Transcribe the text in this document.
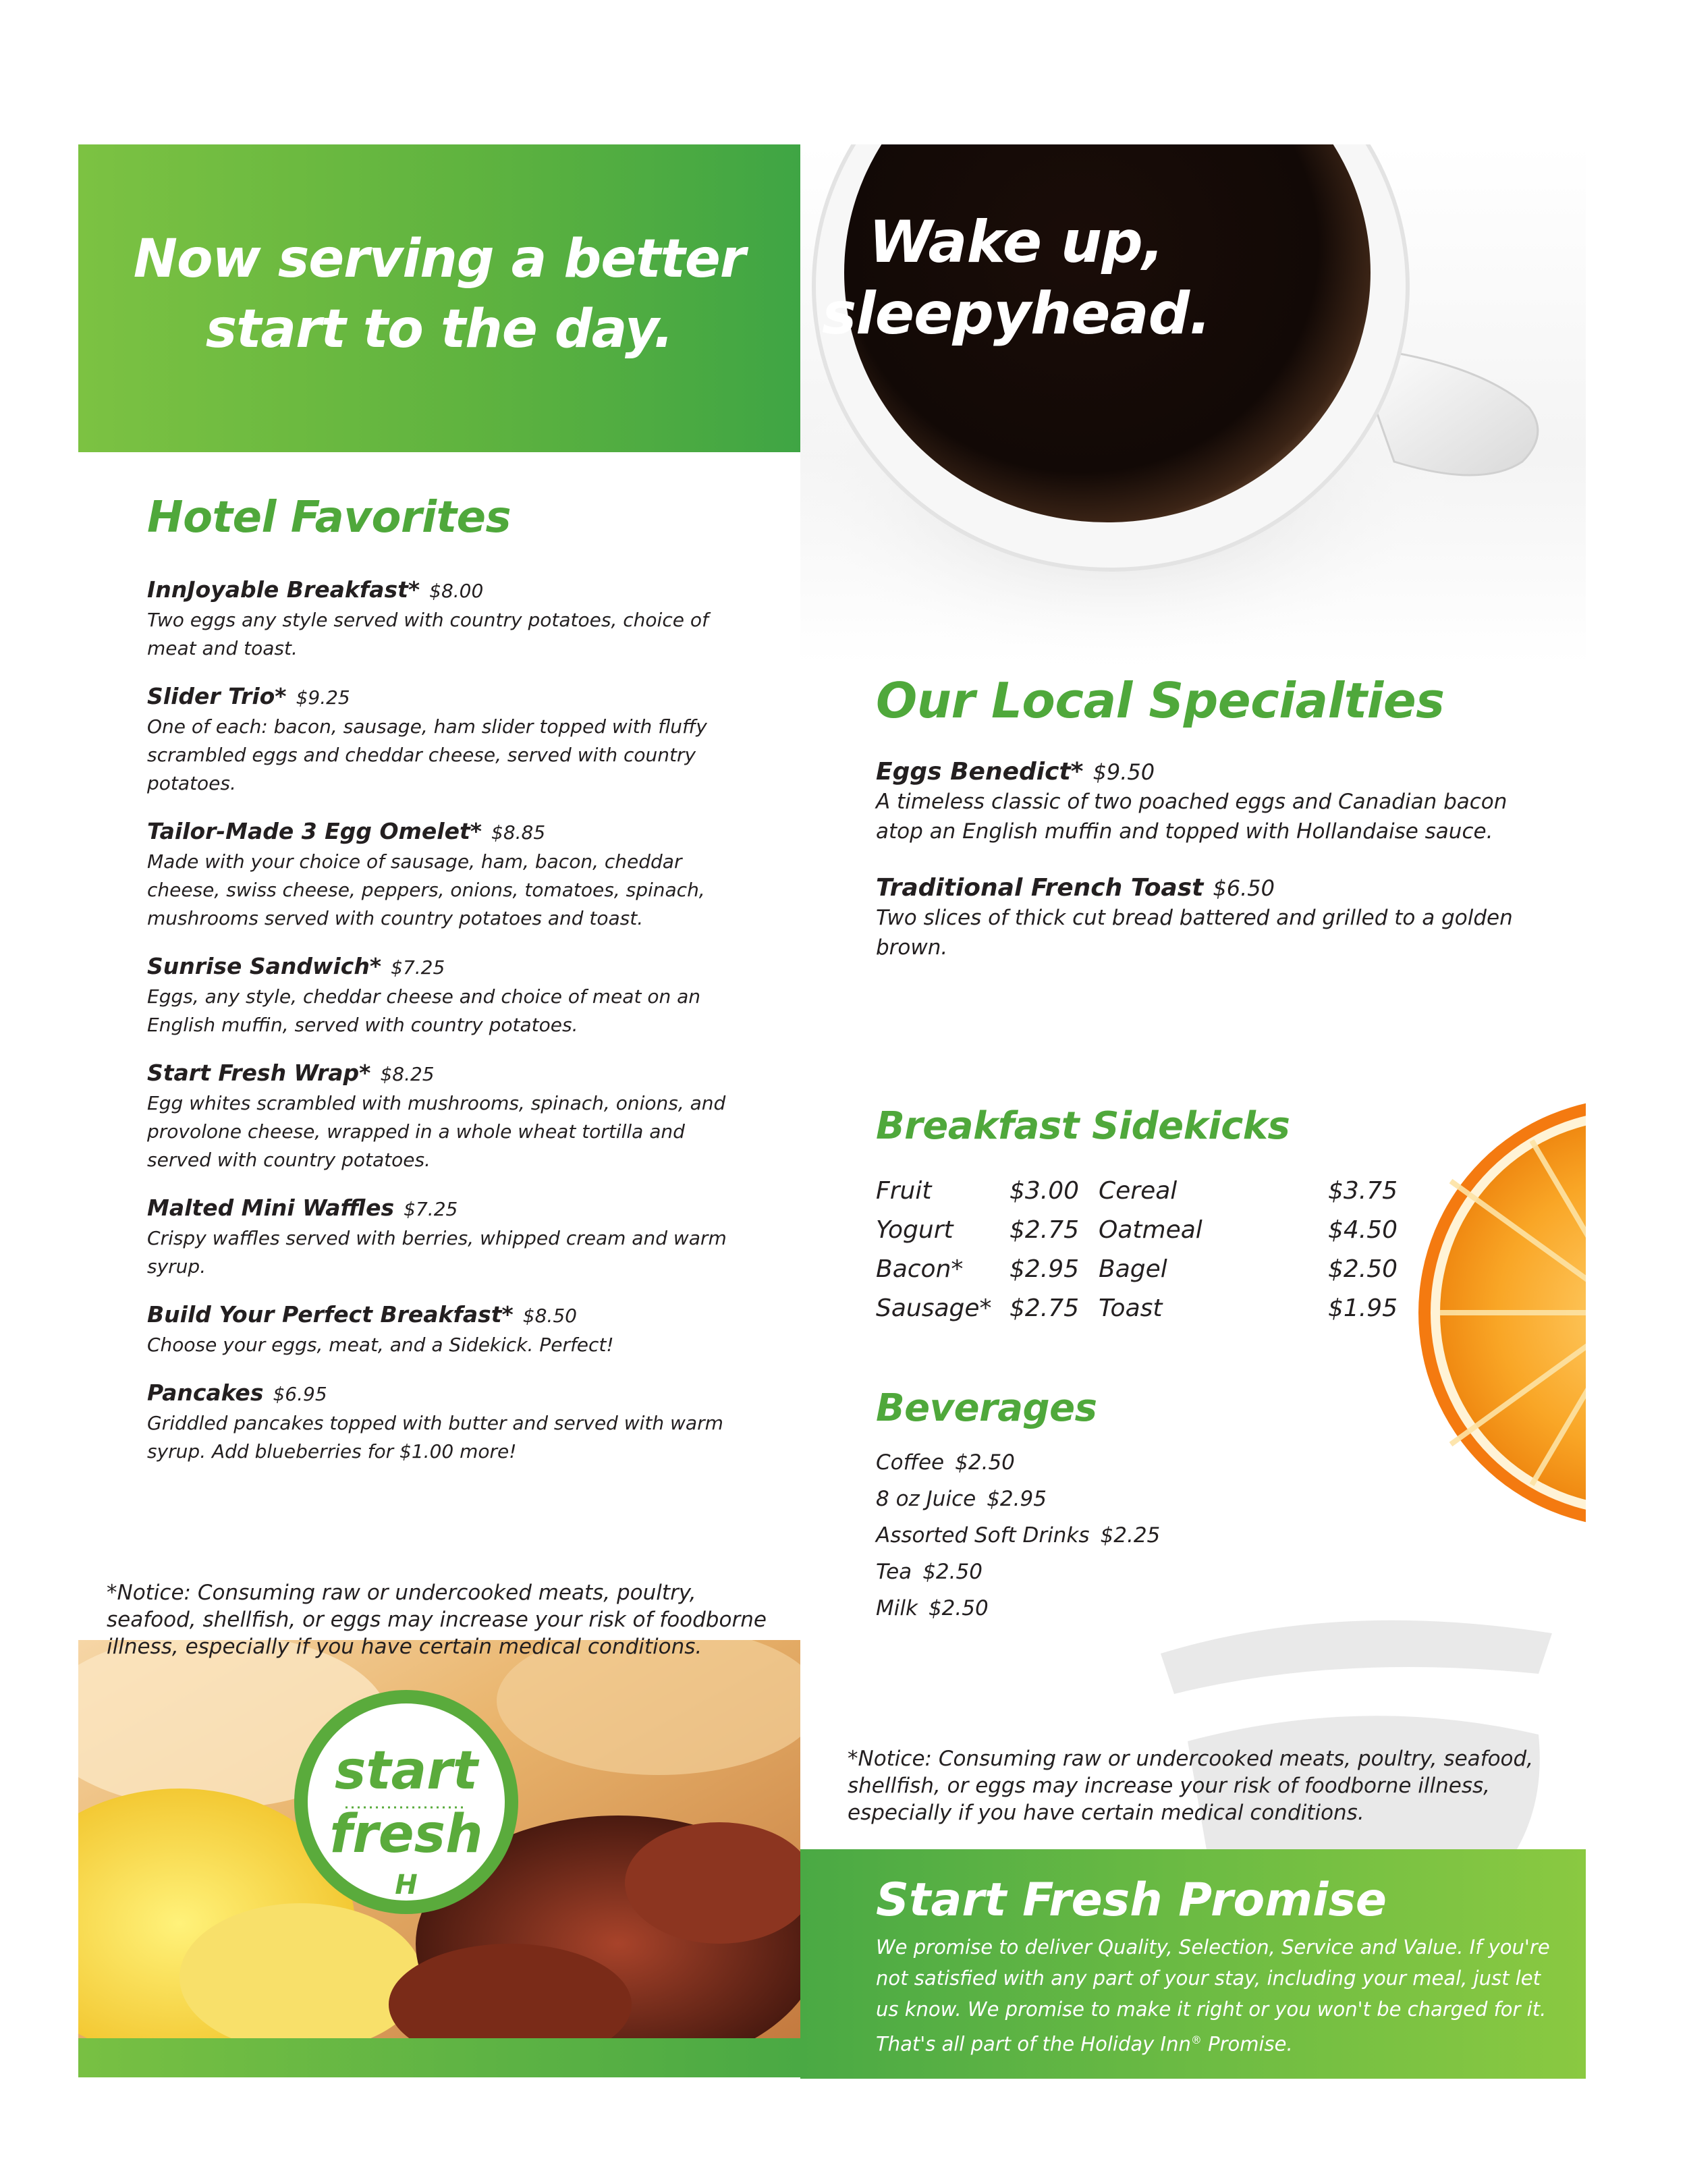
Now serving a better
start to the day.
Wake up,
sleepyhead.
Hotel Favorites
InnJoyable Breakfast* $8.00
Two eggs any style served with country potatoes, choice of meat and toast.
Slider Trio* $9.25
One of each: bacon, sausage, ham slider topped with fluffy scrambled eggs and cheddar cheese, served with country potatoes.
Tailor-Made 3 Egg Omelet* $8.85
Made with your choice of sausage, ham, bacon, cheddar cheese, swiss cheese, peppers, onions, tomatoes, spinach, mushrooms served with country potatoes and toast.
Sunrise Sandwich* $7.25
Eggs, any style, cheddar cheese and choice of meat on an English muffin, served with country potatoes.
Start Fresh Wrap* $8.25
Egg whites scrambled with mushrooms, spinach, onions, and provolone cheese, wrapped in a whole wheat tortilla and served with country potatoes.
Malted Mini Waffles $7.25
Crispy waffles served with berries, whipped cream and warm syrup.
Build Your Perfect Breakfast* $8.50
Choose your eggs, meat, and a Sidekick. Perfect!
Pancakes $6.95
Griddled pancakes topped with butter and served with warm syrup. Add blueberries for $1.00 more!
start
fresh
H
*Notice: Consuming raw or undercooked meats, poultry, seafood, shellfish, or eggs may increase your risk of foodborne illness, especially if you have certain medical conditions.
Our Local Specialties
Eggs Benedict* $9.50
A timeless classic of two poached eggs and Canadian bacon atop an English muffin and topped with Hollandaise sauce.
Traditional French Toast $6.50
Two slices of thick cut bread battered and grilled to a golden brown.
Breakfast Sidekicks
Fruit	$3.00 Cereal	$3.75
Yogurt	$2.75 Oatmeal	$4.50
Bacon*	$2.95 Bagel	$2.50
Sausage* $2.75 Toast	$1.95
Beverages
Coffee $2.50
8 oz Juice $2.95
Assorted Soft Drinks $2.25
Tea $2.50
Milk $2.50
*Notice: Consuming raw or undercooked meats, poultry, seafood, shellfish, or eggs may increase your risk of foodborne illness, especially if you have certain medical conditions.
Start Fresh Promise
We promise to deliver Quality, Selection, Service and Value. If you're not satisfied with any part of your stay, including your meal, just let us know. We promise to make it right or you won't be charged for it. That's all part of the Holiday Inn® Promise.
